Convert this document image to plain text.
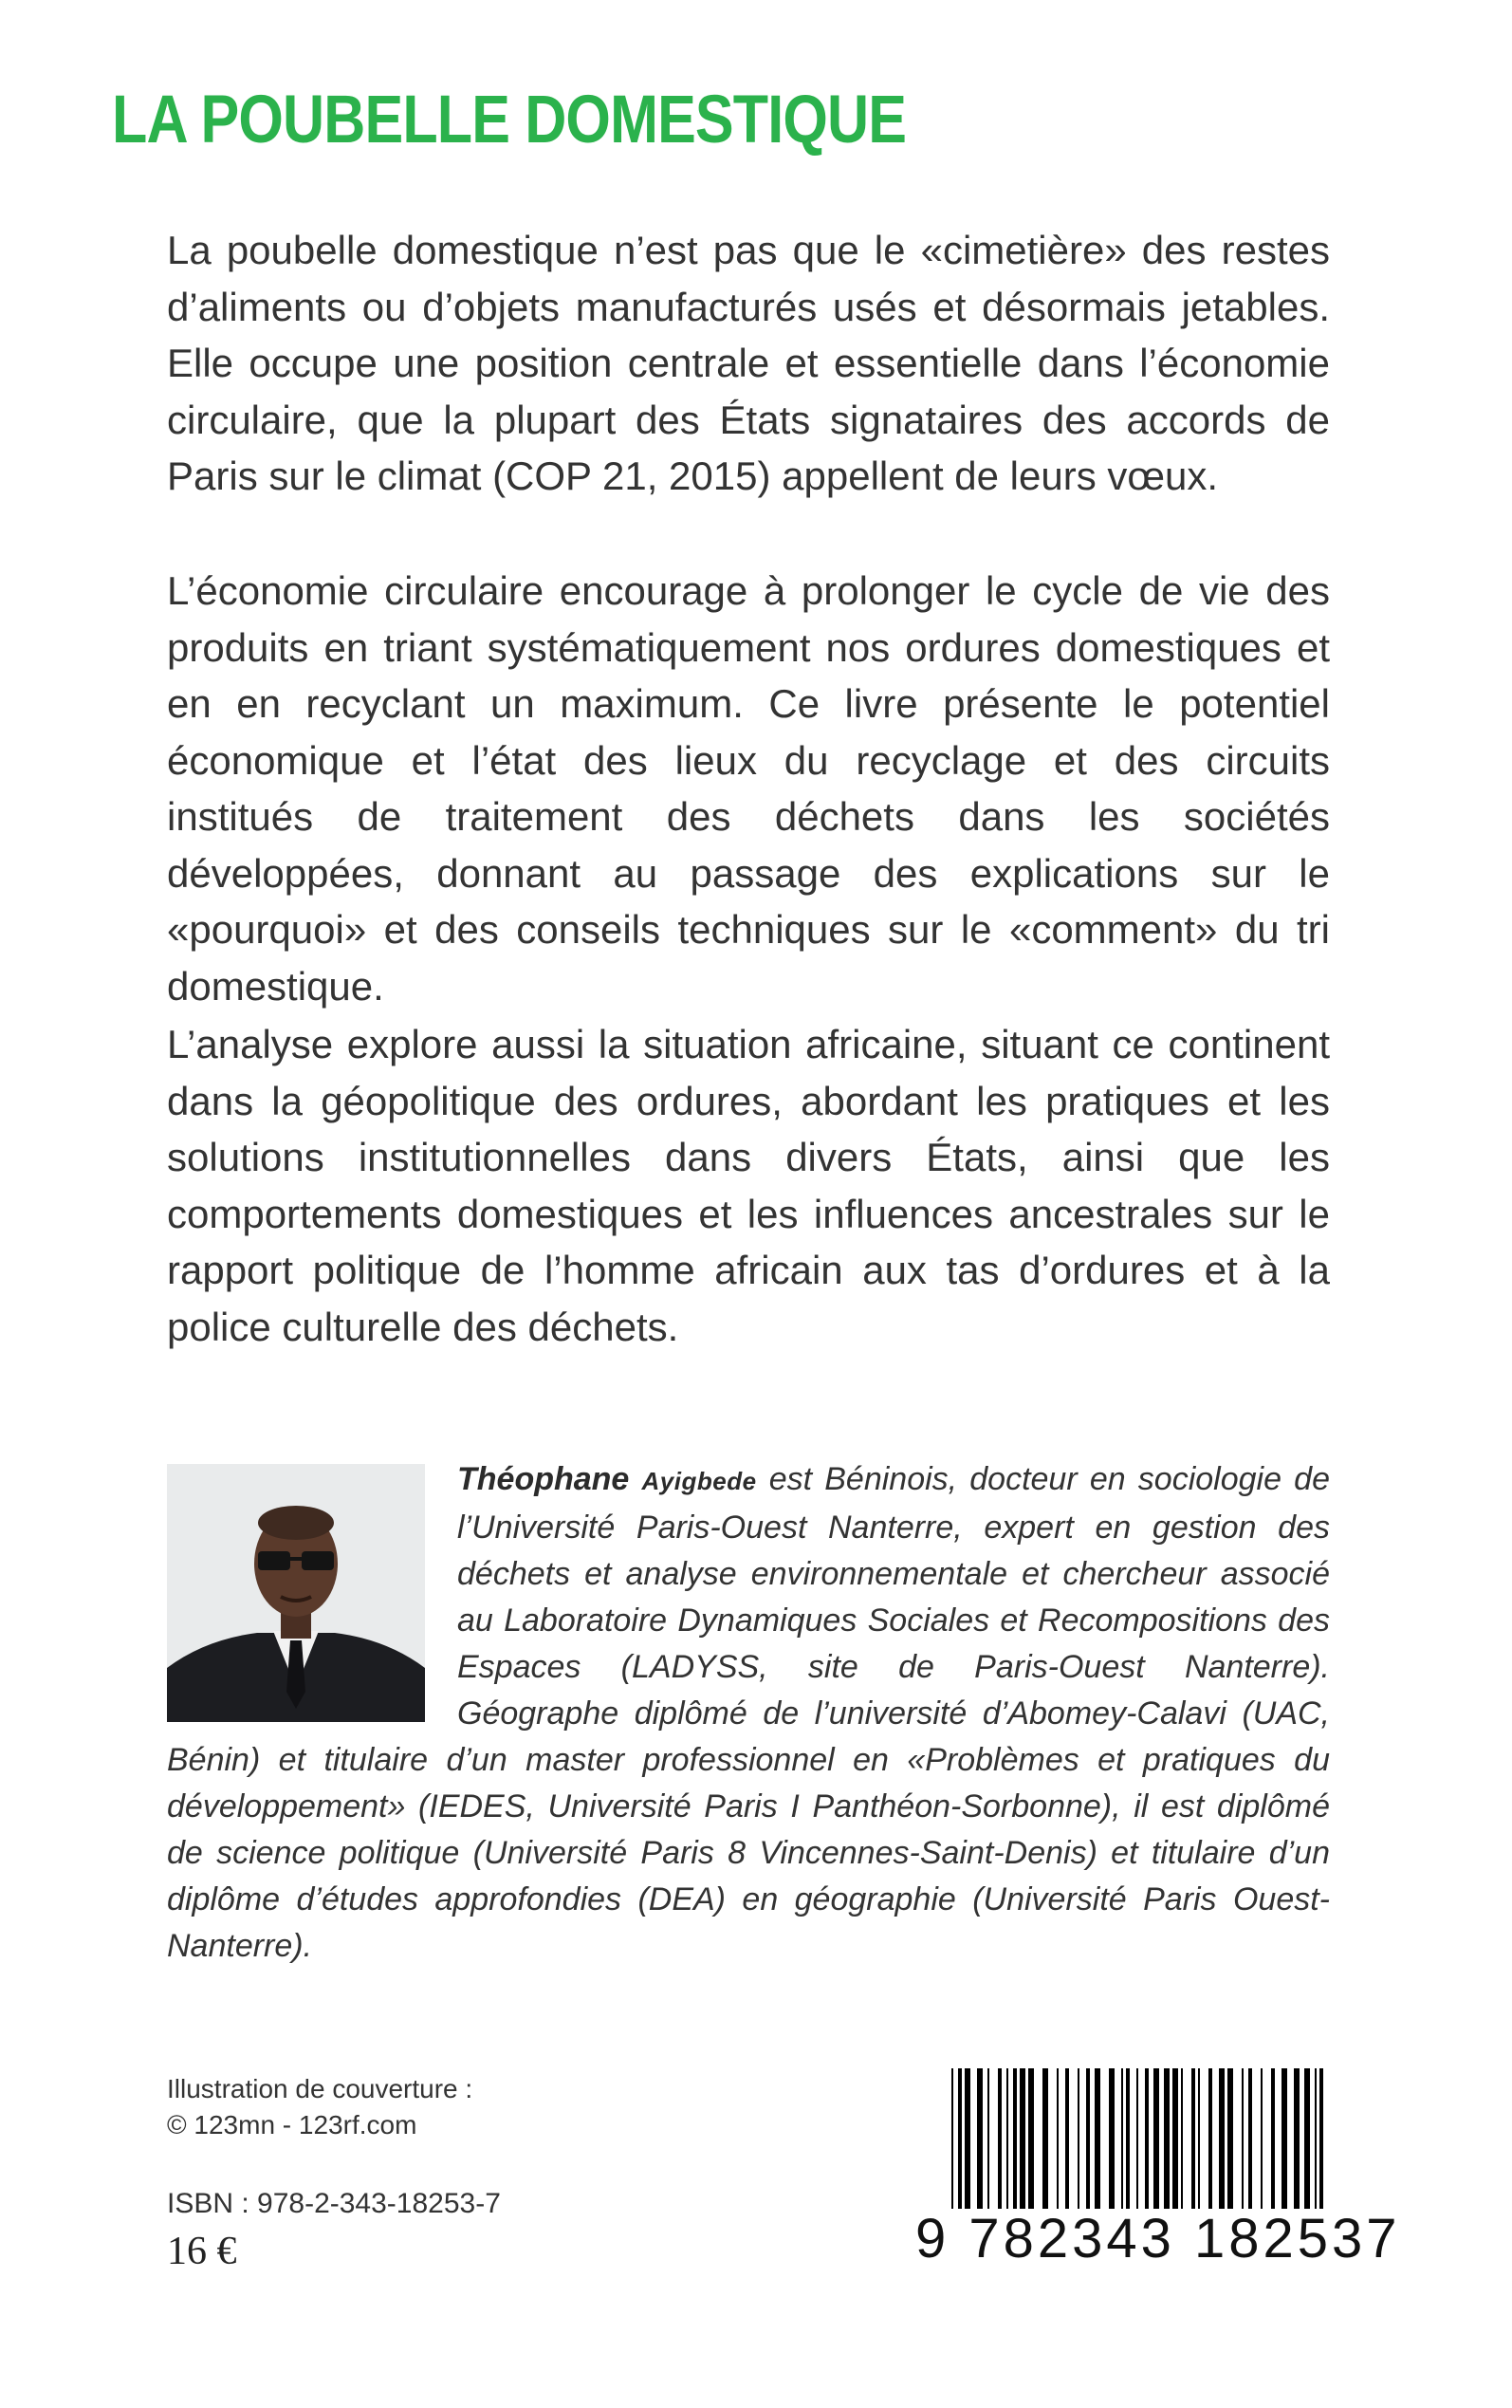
LA POUBELLE DOMESTIQUE

La poubelle domestique n’est pas que le «cimetière» des restes d’aliments ou d’objets manufacturés usés et désormais jetables. Elle occupe une position centrale et essentielle dans l’économie circulaire, que la plupart des États signataires des accords de Paris sur le climat (COP 21, 2015) appellent de leurs vœux.

L’économie circulaire encourage à prolonger le cycle de vie des produits en triant systématiquement nos ordures domestiques et en en recyclant un maximum. Ce livre présente le potentiel économique et l’état des lieux du recyclage et des circuits institués de traitement des déchets dans les sociétés développées, donnant au passage des explications sur le «pourquoi» et des conseils techniques sur le «comment» du tri domestique.

L’analyse explore aussi la situation africaine, situant ce continent dans la géopolitique des ordures, abordant les pratiques et les solutions institutionnelles dans divers États, ainsi que les comportements domestiques et les influences ancestrales sur le rapport politique de l’homme africain aux tas d’ordures et à la police culturelle des déchets.

Théophane Ayigbede est Béninois, docteur en sociologie de l’Université Paris-Ouest Nanterre, expert en gestion des déchets et analyse environnementale et chercheur associé au Laboratoire Dynamiques Sociales et Recompositions des Espaces (LADYSS, site de Paris-Ouest Nanterre). Géographe diplômé de l’université d’Abomey-Calavi (UAC, Bénin) et titulaire d’un master professionnel en «Problèmes et pratiques du développement» (IEDES, Université Paris I Panthéon-Sorbonne), il est diplômé de science politique (Université Paris 8 Vincennes-Saint-Denis) et titulaire d’un diplôme d’études approfondies (DEA) en géographie (Université Paris Ouest-Nanterre).
Illustration de couverture :
© 123mn - 123rf.com
ISBN : 978-2-343-18253-7
16 €	9 782343 182537
